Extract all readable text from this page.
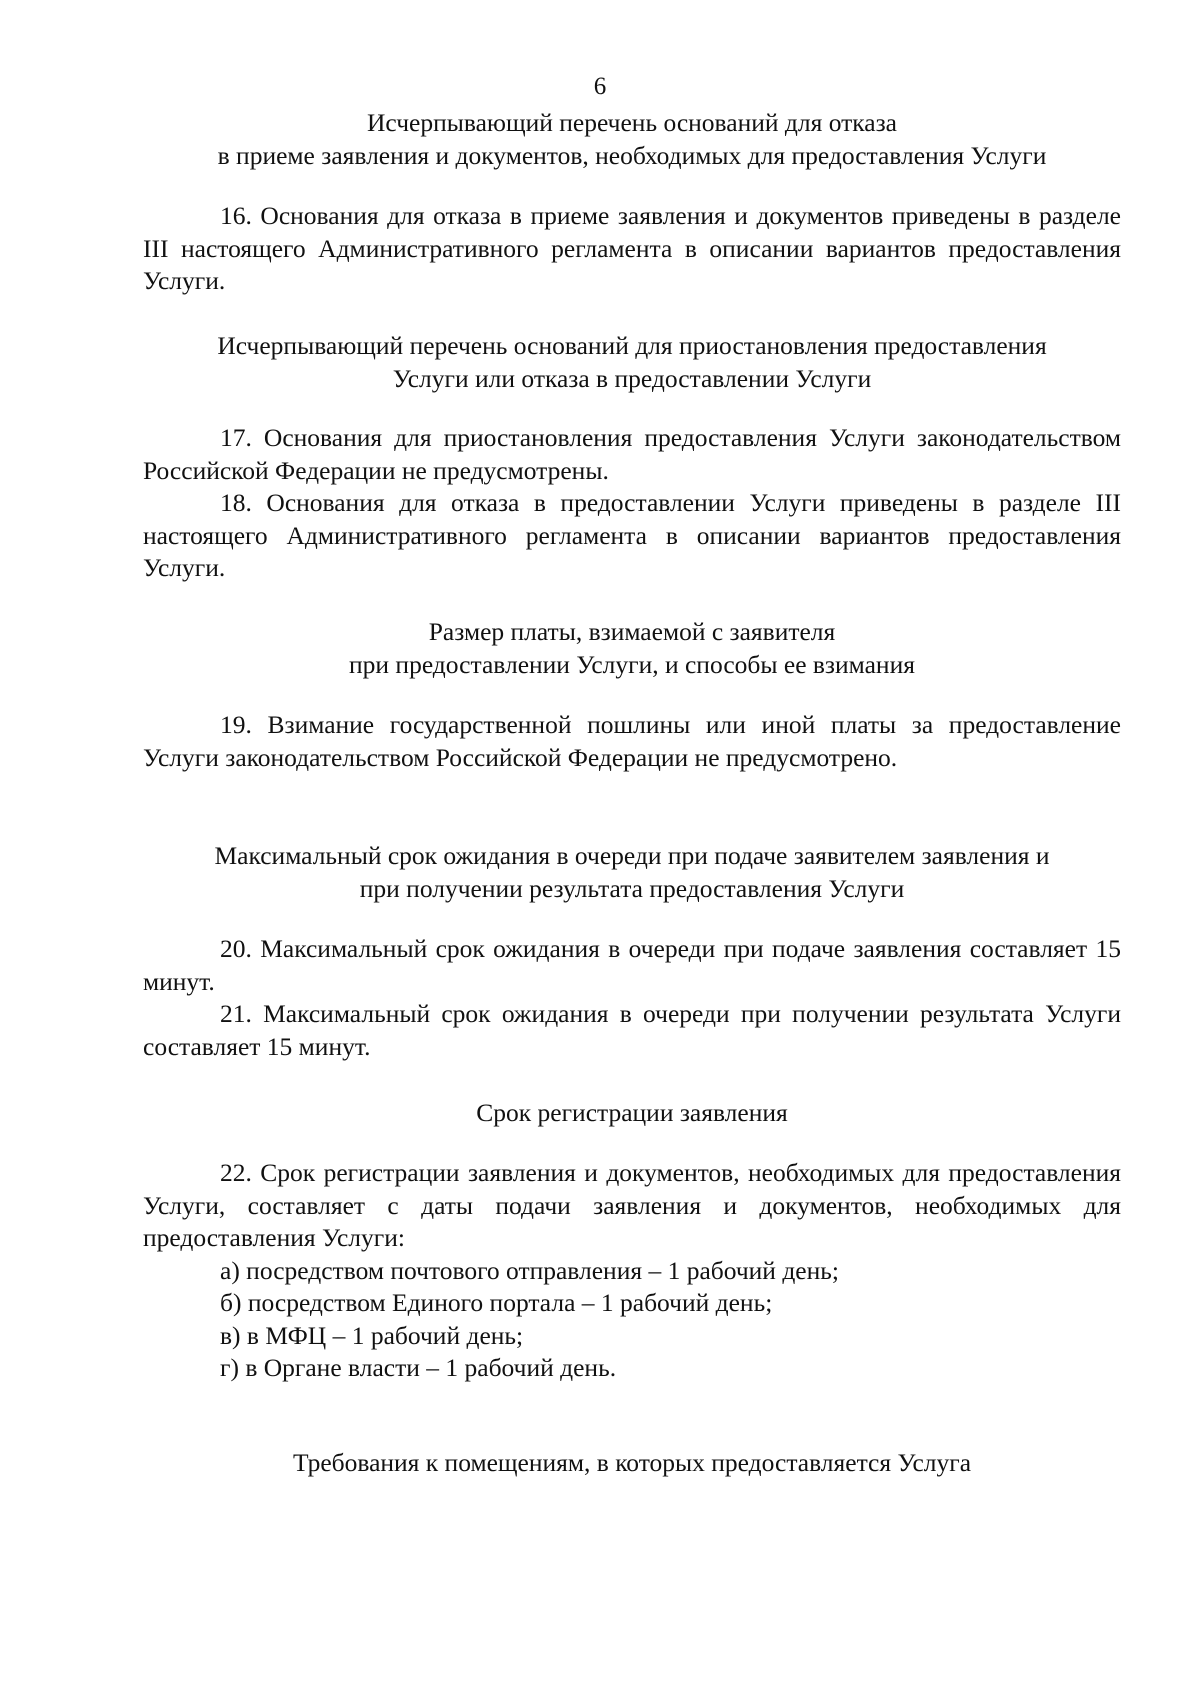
6
Исчерпывающий перечень оснований для отказа
в приеме заявления и документов, необходимых для предоставления Услуги

16. Основания для отказа в приеме заявления и документов приведены в разделе III настоящего Административного регламента в описании вариантов предоставления Услуги.

Исчерпывающий перечень оснований для приостановления предоставления
Услуги или отказа в предоставлении Услуги

17. Основания для приостановления предоставления Услуги законодательством Российской Федерации не предусмотрены.

18. Основания для отказа в предоставлении Услуги приведены в разделе III настоящего Административного регламента в описании вариантов предоставления Услуги.

Размер платы, взимаемой с заявителя
при предоставлении Услуги, и способы ее взимания

19. Взимание государственной пошлины или иной платы за предоставление Услуги законодательством Российской Федерации не предусмотрено.

Максимальный срок ожидания в очереди при подаче заявителем заявления и
при получении результата предоставления Услуги

20. Максимальный срок ожидания в очереди при подаче заявления составляет 15 минут.

21. Максимальный срок ожидания в очереди при получении результата Услуги составляет 15 минут.

Срок регистрации заявления

22. Срок регистрации заявления и документов, необходимых для предоставления Услуги, составляет с даты подачи заявления и документов, необходимых для предоставления Услуги:

а) посредством почтового отправления – 1 рабочий день;

б) посредством Единого портала – 1 рабочий день;

в) в МФЦ – 1 рабочий день;

г) в Органе власти – 1 рабочий день.

Требования к помещениям, в которых предоставляется Услуга
